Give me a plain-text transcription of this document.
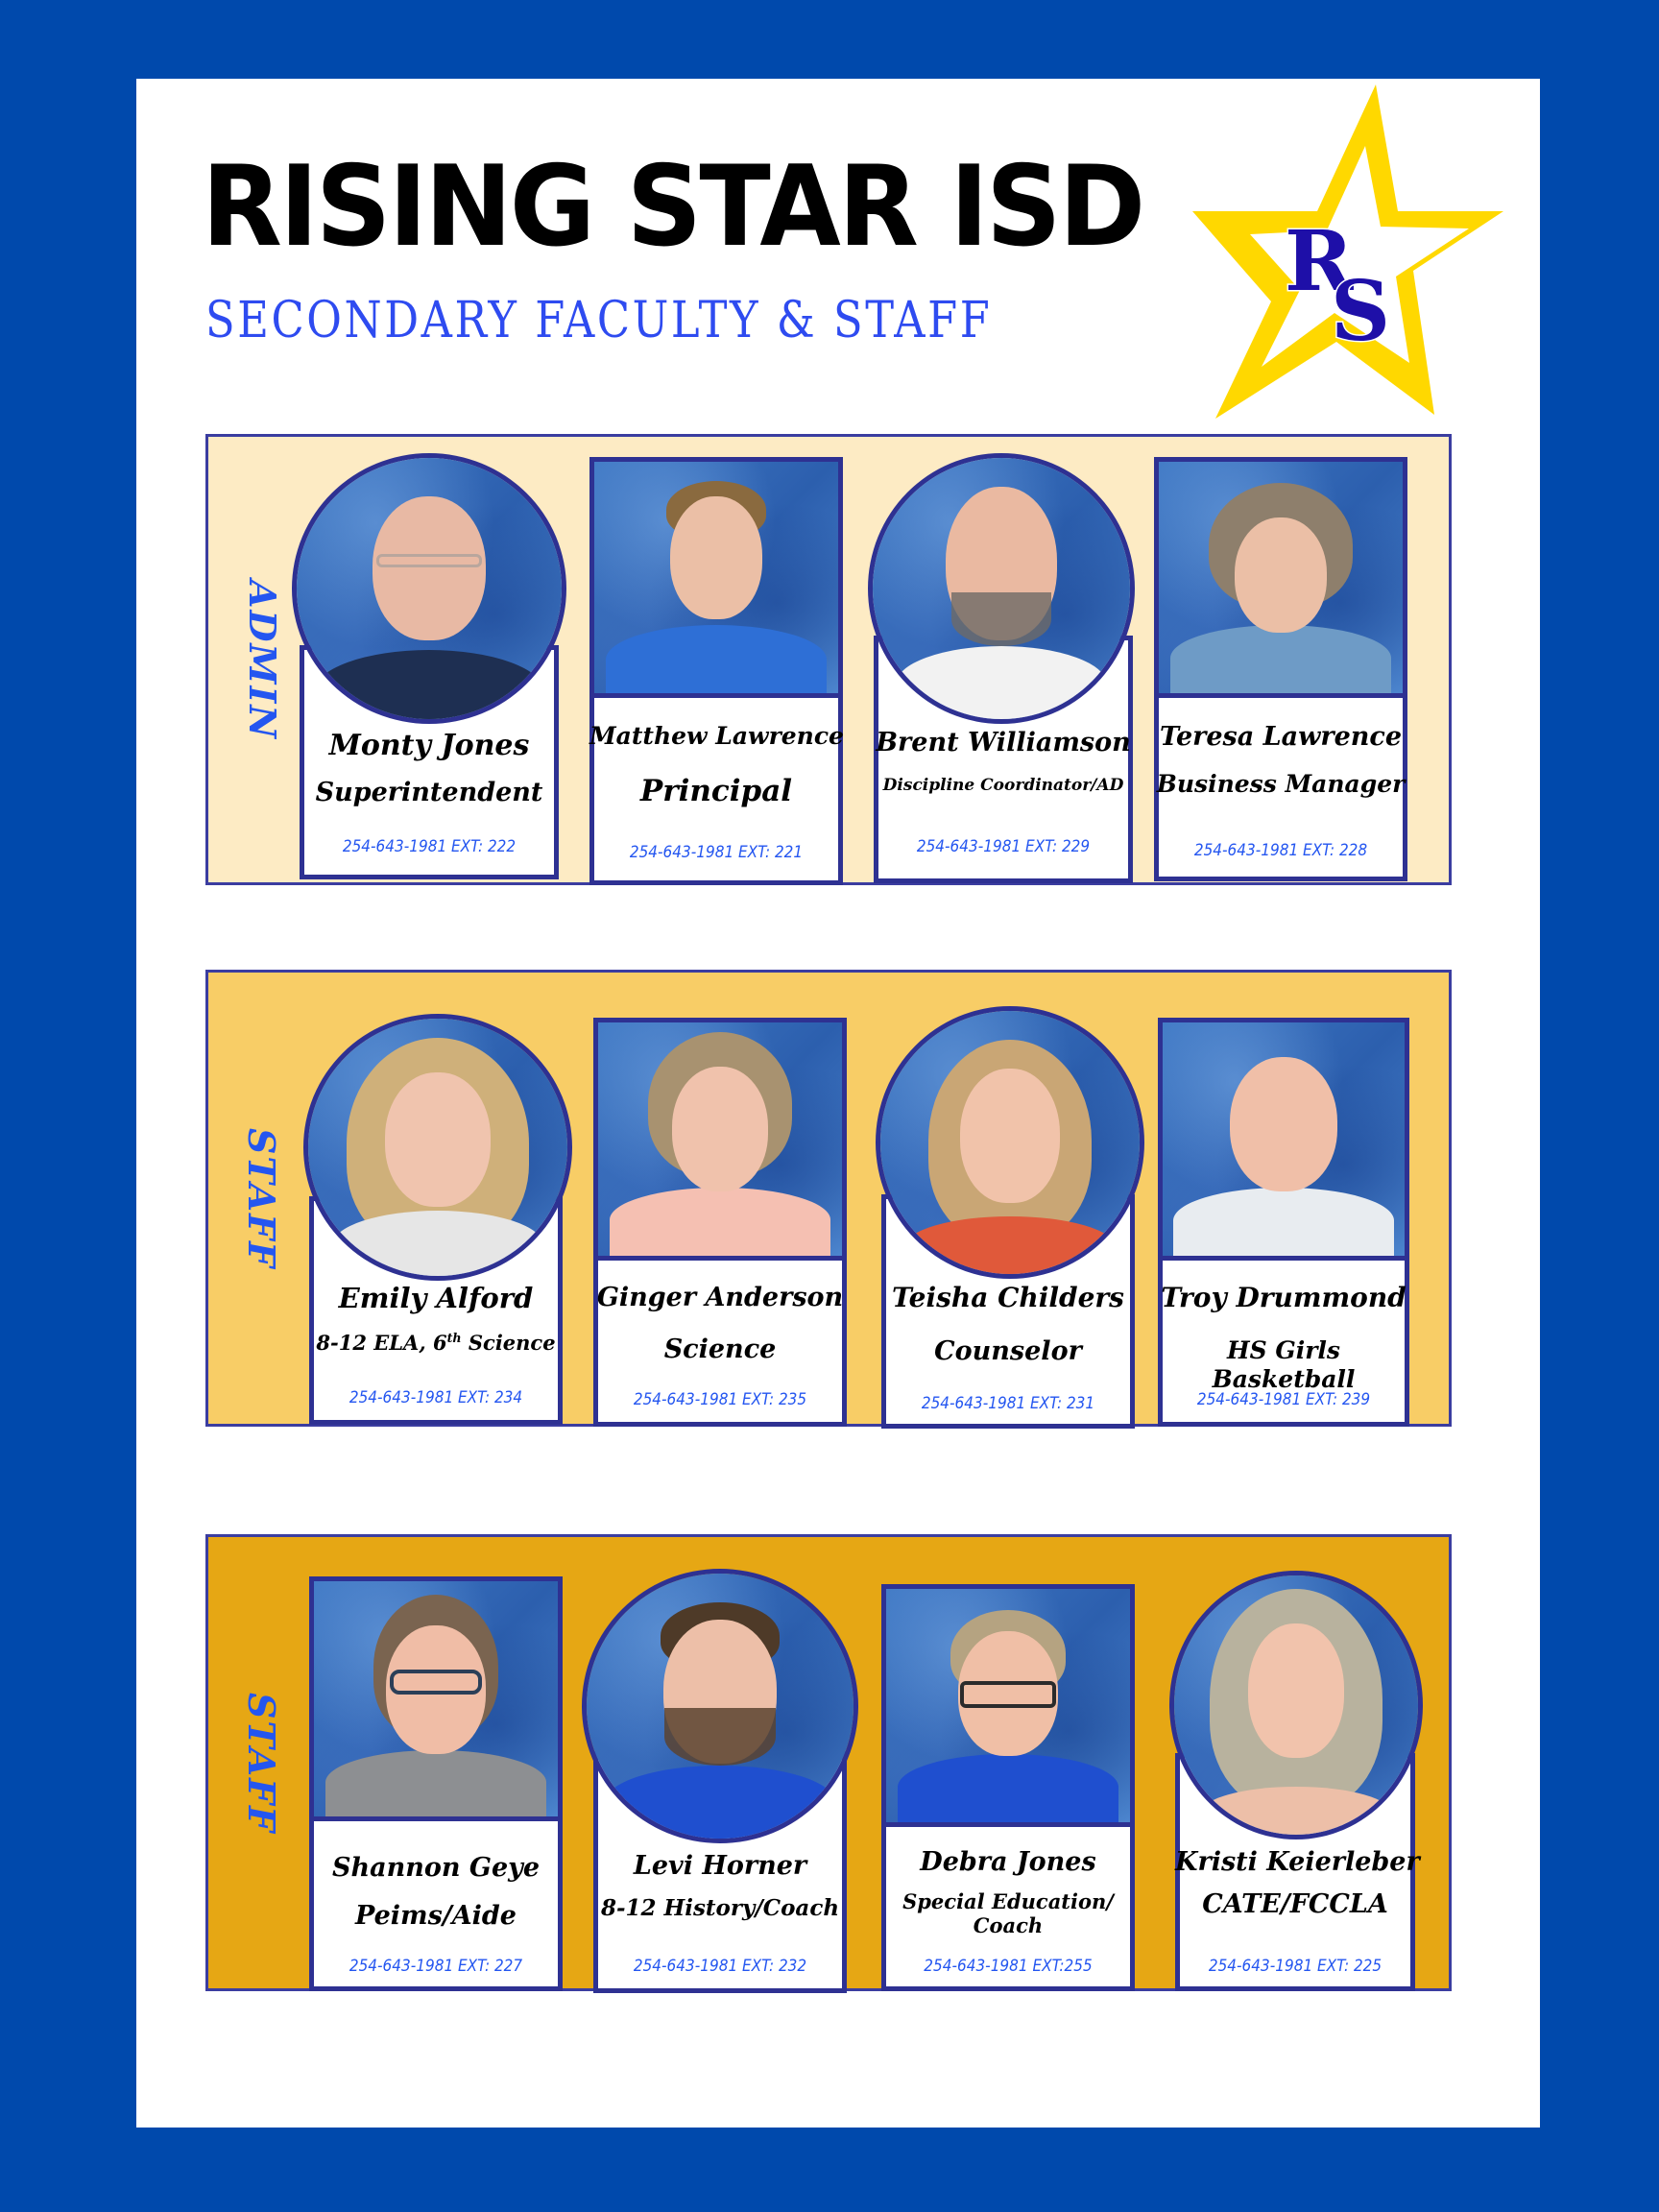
RISING STAR ISD
SECONDARY FACULTY & STAFF
R
S
ADMIN
Monty Jones
Superintendent
254-643-1981 EXT: 222
Matthew Lawrence
Principal
254-643-1981 EXT: 221
Brent Williamson
Discipline Coordinator/AD
254-643-1981 EXT: 229
Teresa Lawrence
Business Manager
254-643-1981 EXT: 228
STAFF
Emily Alford
8-12 ELA, 6th Science
254-643-1981 EXT: 234
Ginger Anderson
Science
254-643-1981 EXT: 235
Teisha Childers
Counselor
254-643-1981 EXT: 231
Troy Drummond
HS Girls Basketball
254-643-1981 EXT: 239
STAFF
Shannon Geye
Peims/Aide
254-643-1981 EXT: 227
Levi Horner
8-12 History/Coach
254-643-1981 EXT: 232
Debra Jones
Special Education/
Coach
254-643-1981 EXT:255
Kristi Keierleber
CATE/FCCLA
254-643-1981 EXT: 225
